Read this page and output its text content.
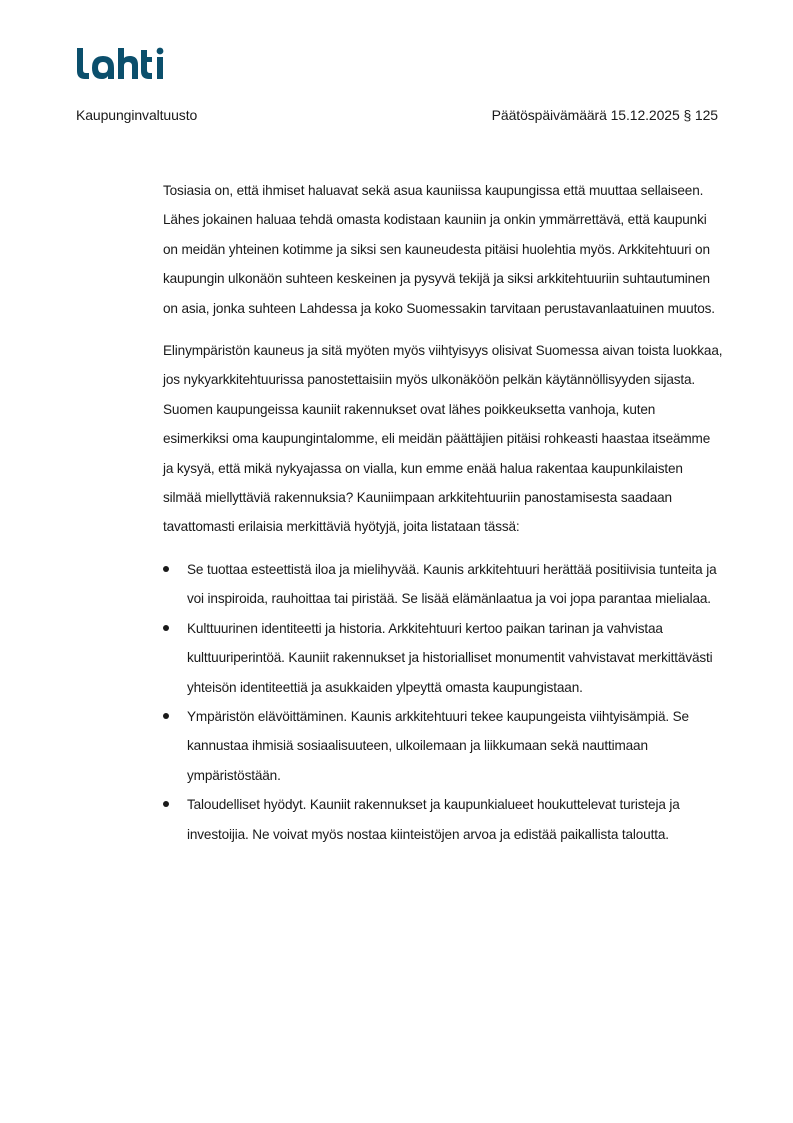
Kaupunginvaltuusto	Päätöspäivämäärä 15.12.2025 § 125

Tosiasia on, että ihmiset haluavat sekä asua kauniissa kaupungissa että muuttaa sellaiseen. Lähes jokainen haluaa tehdä omasta kodistaan kauniin ja onkin ymmärrettävä, että kaupunki on meidän yhteinen kotimme ja siksi sen kauneudesta pitäisi huolehtia myös. Arkkitehtuuri on kaupungin ulkonäön suhteen keskeinen ja pysyvä tekijä ja siksi arkkitehtuuriin suhtautuminen on asia, jonka suhteen Lahdessa ja koko Suomessakin tarvitaan perustavanlaatuinen muutos.

Elinympäristön kauneus ja sitä myöten myös viihtyisyys olisivat Suomessa aivan toista luokkaa, jos nykyarkkitehtuurissa panostettaisiin myös ulkonäköön pelkän käytännöllisyyden sijasta. Suomen kaupungeissa kauniit rakennukset ovat lähes poikkeuksetta vanhoja, kuten esimerkiksi oma kaupungintalomme, eli meidän päättäjien pitäisi rohkeasti haastaa itseämme ja kysyä, että mikä nykyajassa on vialla, kun emme enää halua rakentaa kaupunkilaisten silmää miellyttäviä rakennuksia? Kauniimpaan arkkitehtuuriin panostamisesta saadaan tavattomasti erilaisia merkittäviä hyötyjä, joita listataan tässä:

Se tuottaa esteettistä iloa ja mielihyvää. Kaunis arkkitehtuuri herättää positiivisia tunteita ja voi inspiroida, rauhoittaa tai piristää. Se lisää elämänlaatua ja voi jopa parantaa mielialaa.
Kulttuurinen identiteetti ja historia. Arkkitehtuuri kertoo paikan tarinan ja vahvistaa kulttuuriperintöä. Kauniit rakennukset ja historialliset monumentit vahvistavat merkittävästi yhteisön identiteettiä ja asukkaiden ylpeyttä omasta kaupungistaan.
Ympäristön elävöittäminen. Kaunis arkkitehtuuri tekee kaupungeista viihtyisämpiä. Se kannustaa ihmisiä sosiaalisuuteen, ulkoilemaan ja liikkumaan sekä nauttimaan ympäristöstään.
Taloudelliset hyödyt. Kauniit rakennukset ja kaupunkialueet houkuttelevat turisteja ja investoijia. Ne voivat myös nostaa kiinteistöjen arvoa ja edistää paikallista taloutta.
